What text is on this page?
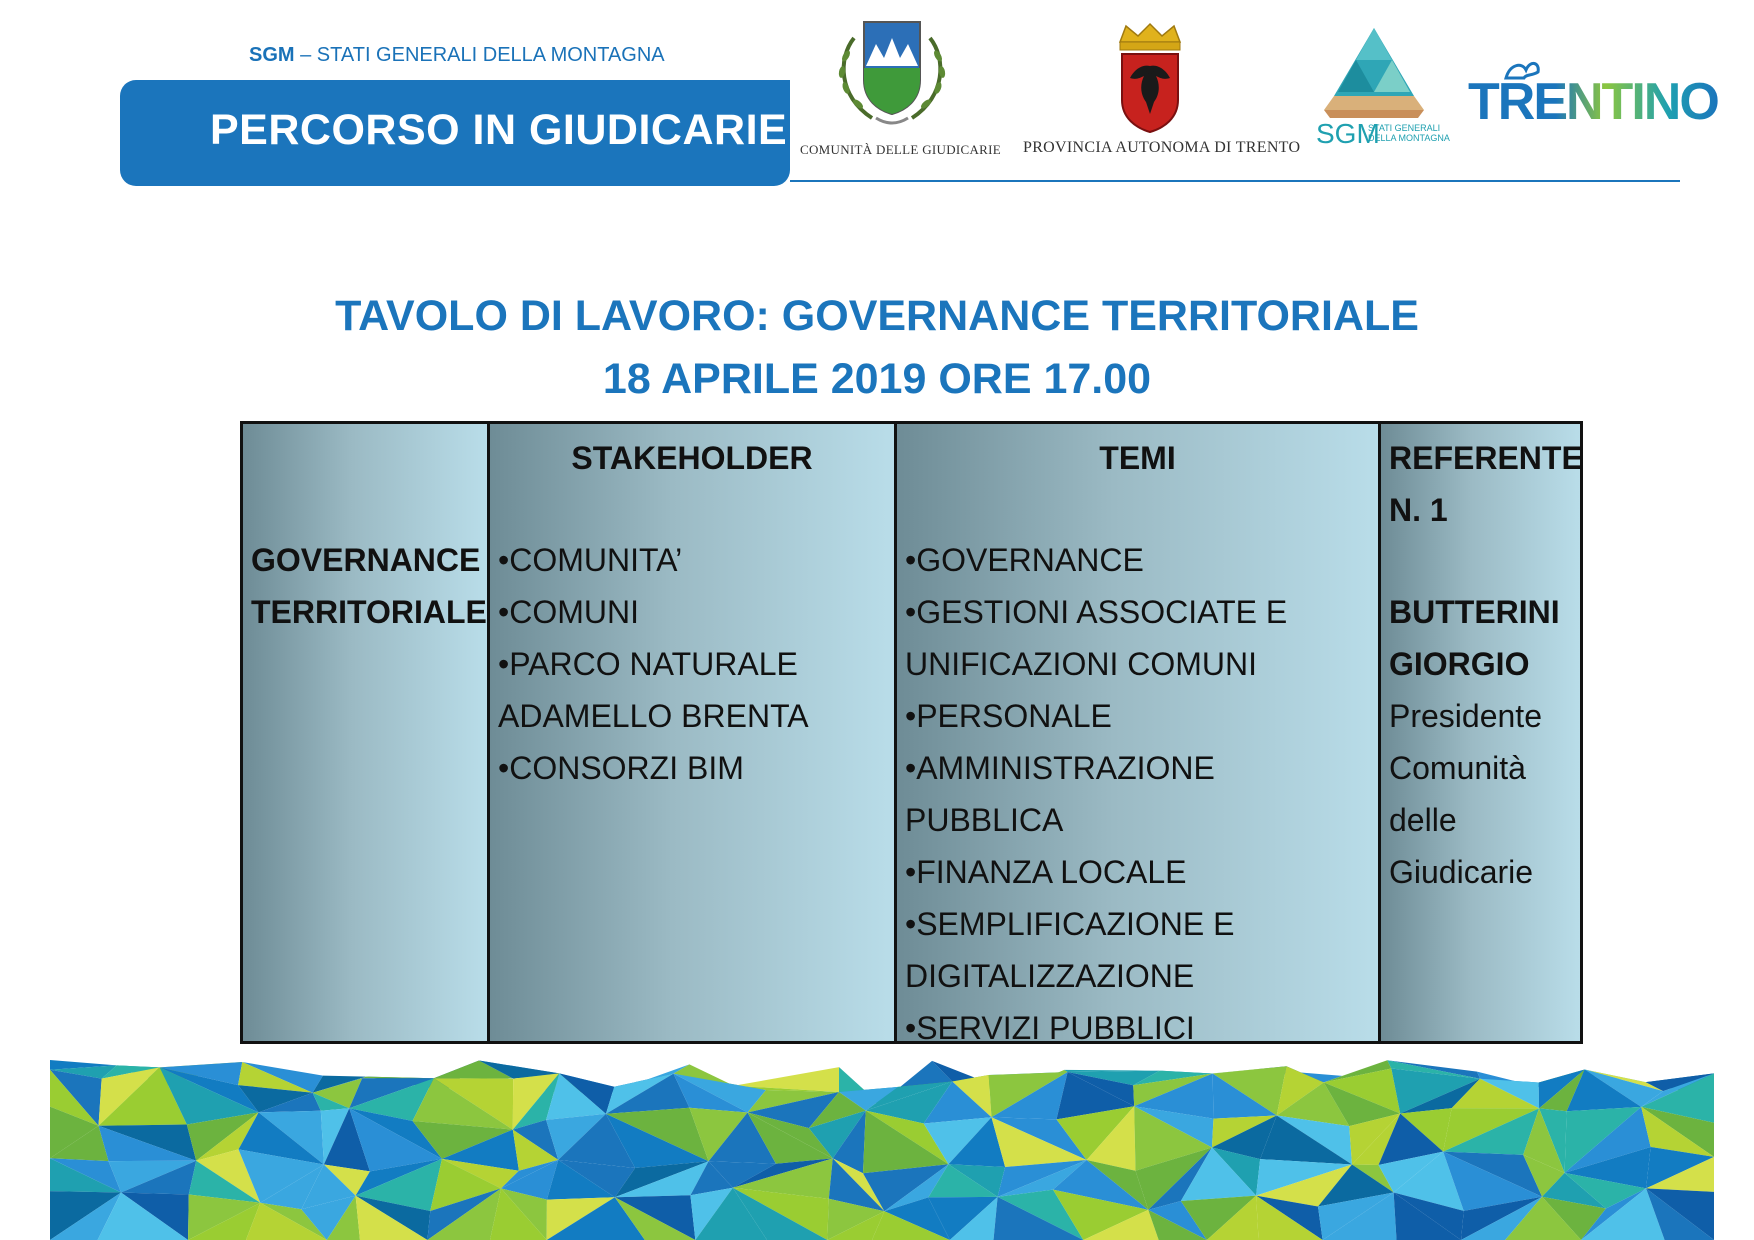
SGM – STATI GENERALI DELLA MONTAGNA
PERCORSO IN GIUDICARIE COMUNITÀ DELLE GIUDICARIE PROVINCIA AUTONOMA DI TRENTO SGM
STATI GENERALI
DELLA MONTAGNA
TRENTINO
TAVOLO DI LAVORO: GOVERNANCE TERRITORIALE
18 APRILE 2019 ORE 17.00
GOVERNANCE
TERRITORIALE
STAKEHOLDER
•COMUNITA’
•COMUNI
•PARCO NATURALE
ADAMELLO BRENTA
•CONSORZI BIM
TEMI
•GOVERNANCE
•GESTIONI ASSOCIATE E
UNIFICAZIONI COMUNI
•PERSONALE
•AMMINISTRAZIONE
PUBBLICA
•FINANZA LOCALE
•SEMPLIFICAZIONE E
DIGITALIZZAZIONE
•SERVIZI PUBBLICI
REFERENTE
N. 1
BUTTERINI
GIORGIO
Presidente
Comunità
delle
Giudicarie
